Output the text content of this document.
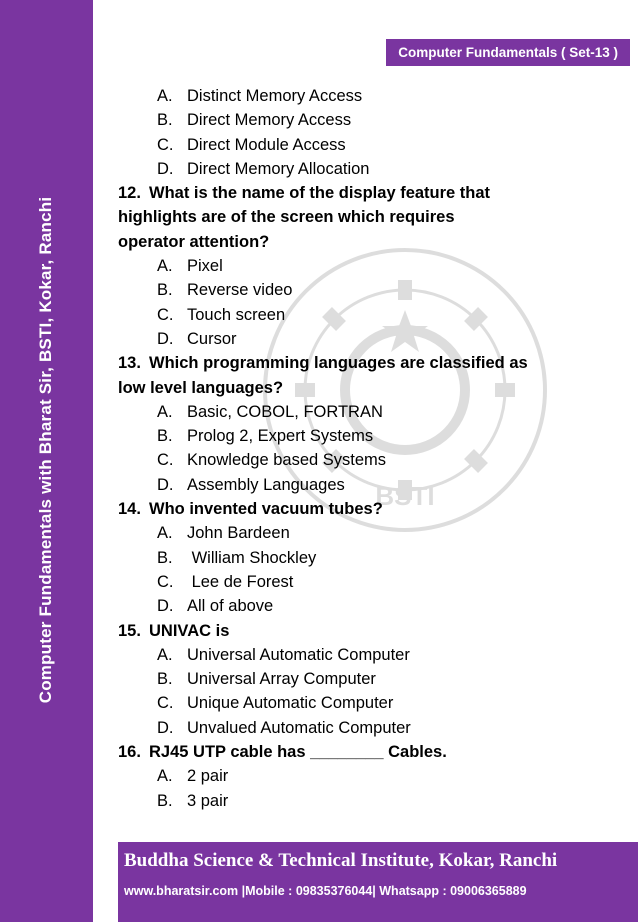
Computer Fundamentals with Bharat Sir, BSTI, Kokar, Ranchi
Computer Fundamentals ( Set-13 )
BSTI
A. Distinct Memory Access
B. Direct Memory Access
C. Direct Module Access
D. Direct Memory Allocation
12. What is the name of the display feature that
highlights are of the screen which requires
operator attention?
A. Pixel
B. Reverse video
C. Touch screen
D. Cursor
13. Which programming languages are classified as
low level languages?
A. Basic, COBOL, FORTRAN
B. Prolog 2, Expert Systems
C. Knowledge based Systems
D. Assembly Languages
14. Who invented vacuum tubes?
A. John Bardeen
B. William Shockley
C. Lee de Forest
D. All of above
15. UNIVAC is
A. Universal Automatic Computer
B. Universal Array Computer
C. Unique Automatic Computer
D. Unvalued Automatic Computer
16. RJ45 UTP cable has ________ Cables.
A. 2 pair
B. 3 pair
Buddha Science & Technical Institute, Kokar, Ranchi
www.bharatsir.com |Mobile : 09835376044| Whatsapp : 09006365889
